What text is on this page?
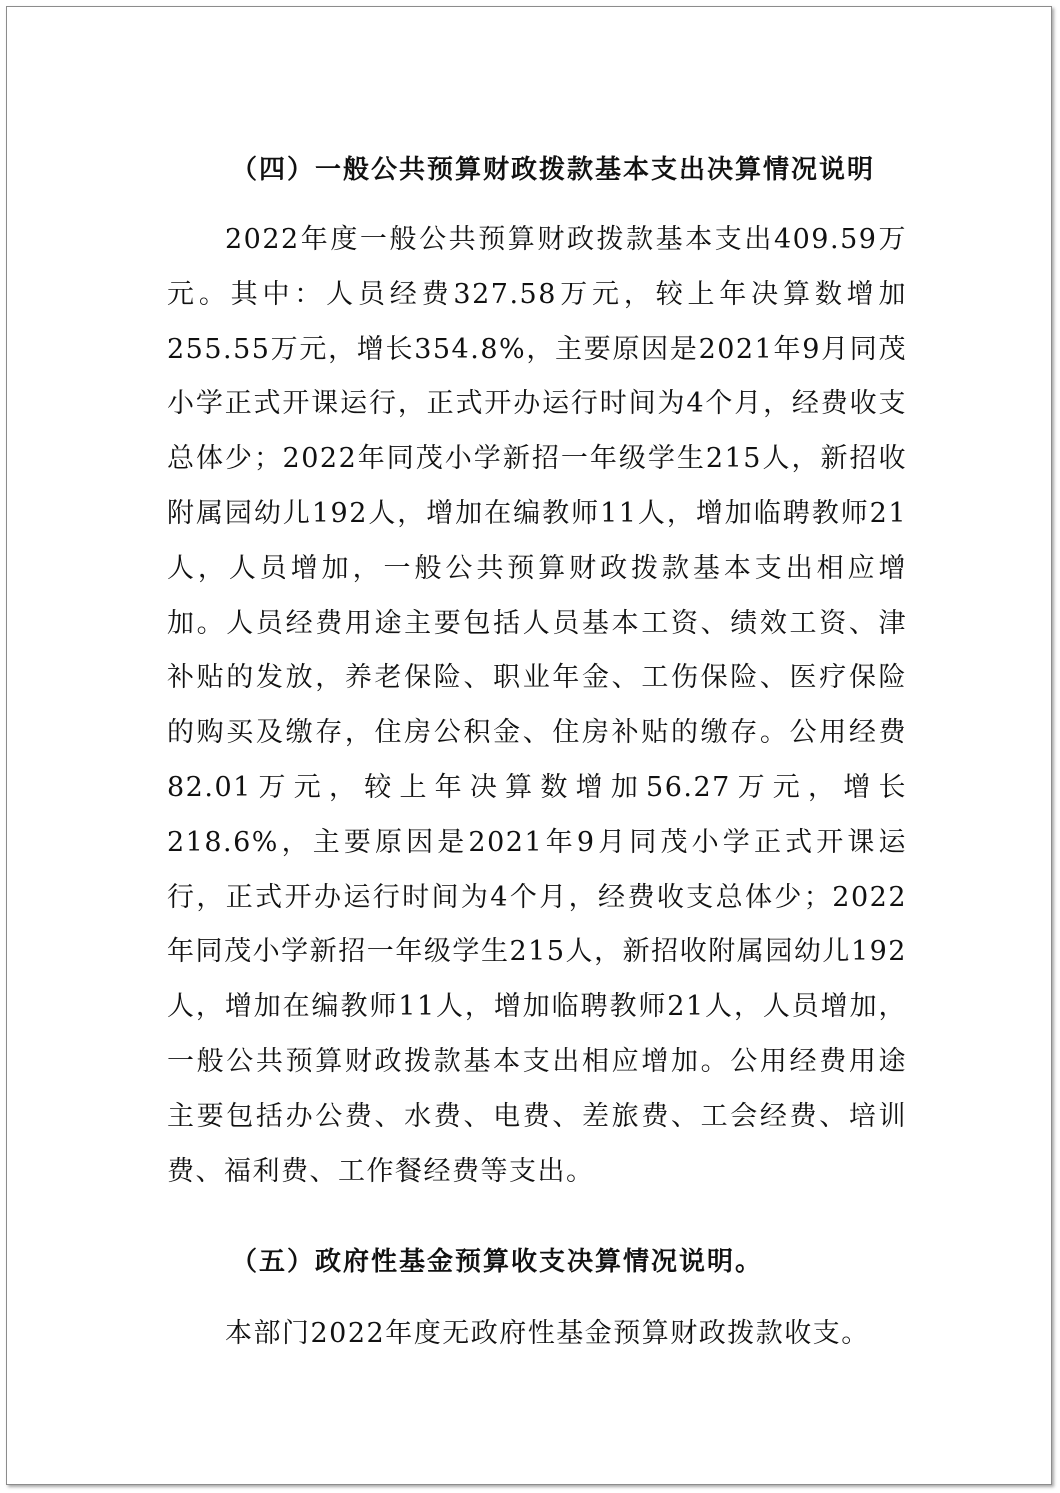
（四）一般公共预算财政拨款基本支出决算情况说明

2022年度一般公共预算财政拨款基本支出409.59万元。其中：人员经费327.58万元，较上年决算数增加255.55万元，增长354.8%，主要原因是2021年9月同茂小学正式开课运行，正式开办运行时间为4个月，经费收支总体少；2022年同茂小学新招一年级学生215人，新招收附属园幼儿192人，增加在编教师11人，增加临聘教师21人，人员增加，一般公共预算财政拨款基本支出相应增加。人员经费用途主要包括人员基本工资、绩效工资、津补贴的发放，养老保险、职业年金、工伤保险、医疗保险的购买及缴存，住房公积金、住房补贴的缴存。公用经费82.01万元，较上年决算数增加56.27万元，增长218.6%，主要原因是2021年9月同茂小学正式开课运行，正式开办运行时间为4个月，经费收支总体少；2022年同茂小学新招一年级学生215人，新招收附属园幼儿192人，增加在编教师11人，增加临聘教师21人，人员增加，一般公共预算财政拨款基本支出相应增加。公用经费用途主要包括办公费、水费、电费、差旅费、工会经费、培训费、福利费、工作餐经费等支出。

（五）政府性基金预算收支决算情况说明。

本部门2022年度无政府性基金预算财政拨款收支。
